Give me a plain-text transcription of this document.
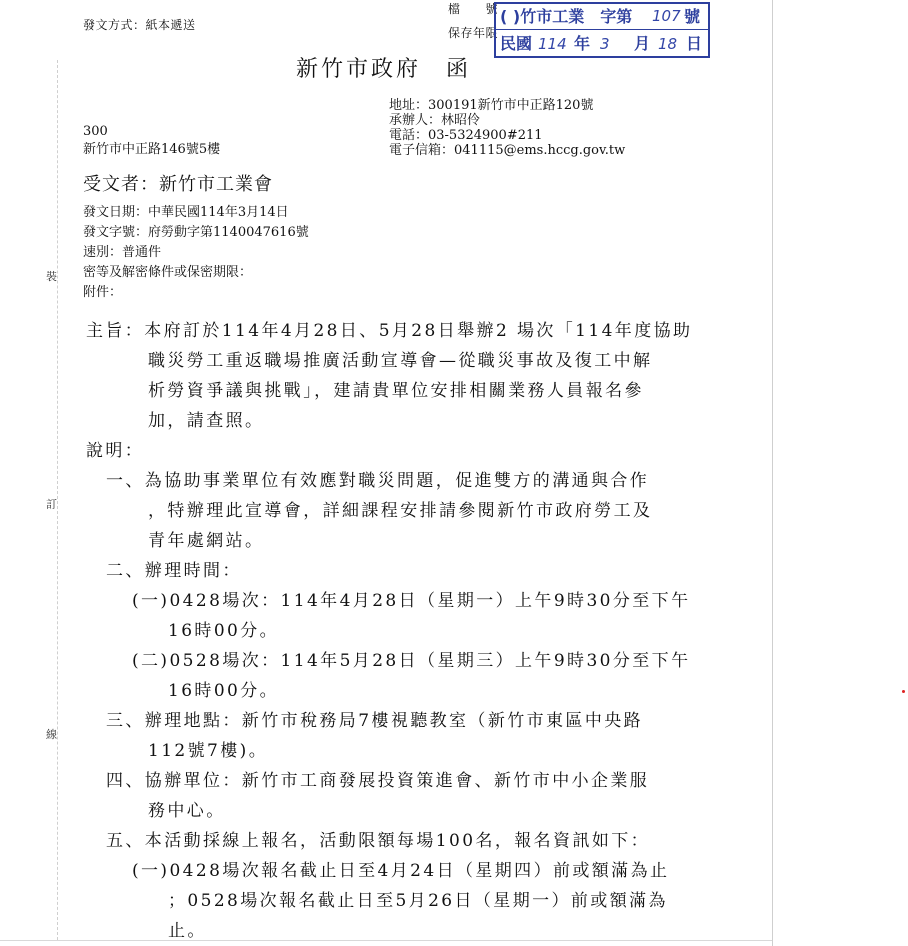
發文方式：紙本遞送
檔　　號
保存年限
( )竹市工業　字第 107 號
民國 114 年 3 月 18 日
新竹市政府　函
地址：300191新竹市中正路120號
承辦人：林昭伶
電話：03-5324900#211
電子信箱：041115@ems.hccg.gov.tw
300
新竹市中正路146號5樓
受文者：新竹市工業會
發文日期：中華民國114年3月14日
發文字號：府勞動字第1140047616號
速別：普通件
密等及解密條件或保密期限：
附件：
裝
訂
線
主旨：本府訂於114年4月28日、5月28日舉辦2 場次「114年度協助
職災勞工重返職場推廣活動宣導會—從職災事故及復工中解
析勞資爭議與挑戰」，建請貴單位安排相關業務人員報名參
加，請查照。
說明：
一、為協助事業單位有效應對職災問題，促進雙方的溝通與合作
，特辦理此宣導會，詳細課程安排請參閱新竹市政府勞工及
青年處網站。
二、辦理時間：
(一)0428場次：114年4月28日（星期一）上午9時30分至下午
16時00分。
(二)0528場次：114年5月28日（星期三）上午9時30分至下午
16時00分。
三、辦理地點：新竹市稅務局7樓視聽教室（新竹市東區中央路
112號7樓)。
四、協辦單位：新竹市工商發展投資策進會、新竹市中小企業服
務中心。
五、本活動採線上報名，活動限額每場100名，報名資訊如下：
(一)0428場次報名截止日至4月24日（星期四）前或額滿為止
；0528場次報名截止日至5月26日（星期一）前或額滿為
止。
